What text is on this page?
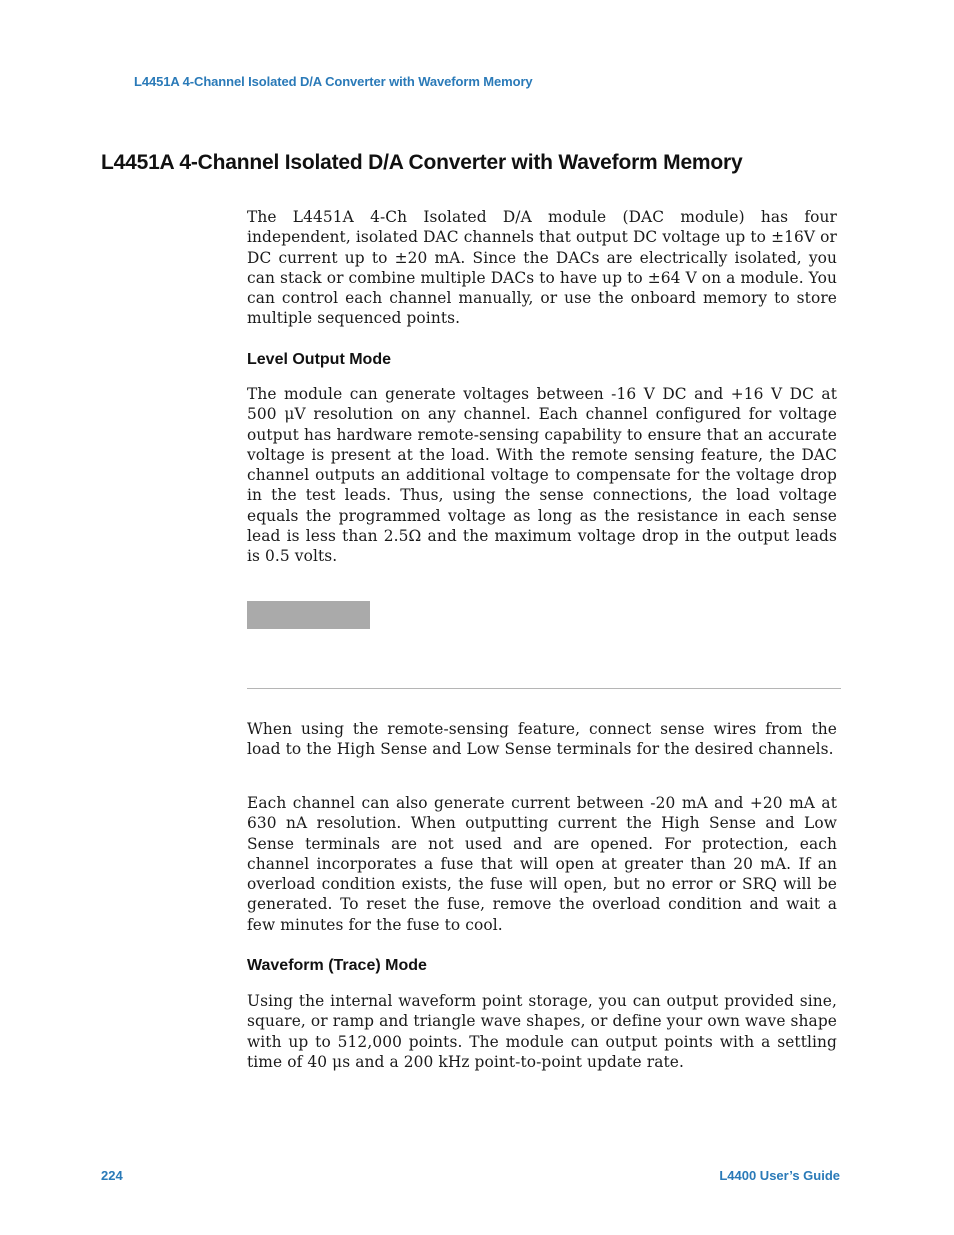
L4451A 4-Channel Isolated D/A Converter with Waveform Memory
L4451A 4-Channel Isolated D/A Converter with Waveform Memory

The L4451A 4-Ch Isolated D/A module (DAC module) has four independent, isolated DAC channels that output DC voltage up to ±16V or DC current up to ±20 mA. Since the DACs are electrically isolated, you can stack or combine multiple DACs to have up to ±64 V on a module. You can control each channel manually, or use the onboard memory to store multiple sequenced points.

Level Output Mode

The module can generate voltages between -16 V DC and +16 V DC at 500 μV resolution on any channel. Each channel configured for voltage output has hardware remote-sensing capability to ensure that an accurate voltage is present at the load. With the remote sensing feature, the DAC channel outputs an additional voltage to compensate for the voltage drop in the test leads. Thus, using the sense connections, the load voltage equals the programmed voltage as long as the resistance in each sense lead is less than 2.5Ω and the maximum voltage drop in the output leads is 0.5 volts.

When using the remote-sensing feature, connect sense wires from the load to the High Sense and Low Sense terminals for the desired channels.

Each channel can also generate current between -20 mA and +20 mA at 630 nA resolution. When outputting current the High Sense and Low Sense terminals are not used and are opened. For protection, each channel incorporates a fuse that will open at greater than 20 mA. If an overload condition exists, the fuse will open, but no error or SRQ will be generated. To reset the fuse, remove the overload condition and wait a few minutes for the fuse to cool.

Waveform (Trace) Mode

Using the internal waveform point storage, you can output provided sine, square, or ramp and triangle wave shapes, or define your own wave shape with up to 512,000 points. The module can output points with a settling time of 40 μs and a 200 kHz point-to-point update rate.

224	L4400 User’s Guide
